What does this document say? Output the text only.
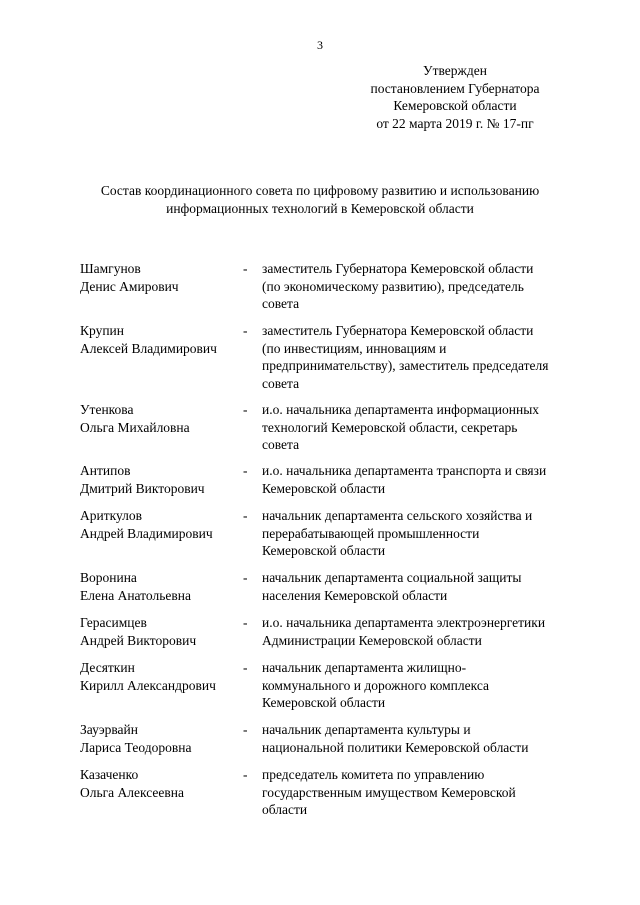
3
Утвержден
постановлением Губернатора
Кемеровской области
от 22 марта 2019 г. № 17-пг
Состав координационного совета по цифровому развитию и использованию
информационных технологий в Кемеровской области
Шамгунов
Денис Амирович
-	заместитель Губернатора Кемеровской области
(по экономическому развитию), председатель
совета
Крупин
Алексей Владимирович
-	заместитель Губернатора Кемеровской области
(по инвестициям, инновациям и
предпринимательству), заместитель председателя
совета
Утенкова
Ольга Михайловна
-	и.о. начальника департамента информационных
технологий Кемеровской области, секретарь
совета
Антипов
Дмитрий Викторович
-	и.о. начальника департамента транспорта и связи
Кемеровской области
Ариткулов
Андрей Владимирович
-	начальник департамента сельского хозяйства и
перерабатывающей промышленности
Кемеровской области
Воронина
Елена Анатольевна
-	начальник департамента социальной защиты
населения Кемеровской области
Герасимцев
Андрей Викторович
-	и.о. начальника департамента электроэнергетики
Администрации Кемеровской области
Десяткин
Кирилл Александрович
-	начальник департамента жилищно-
коммунального и дорожного комплекса
Кемеровской области
Зауэрвайн
Лариса Теодоровна
-	начальник департамента культуры и
национальной политики Кемеровской области
Казаченко
Ольга Алексеевна
-	председатель комитета по управлению
государственным имуществом Кемеровской
области
